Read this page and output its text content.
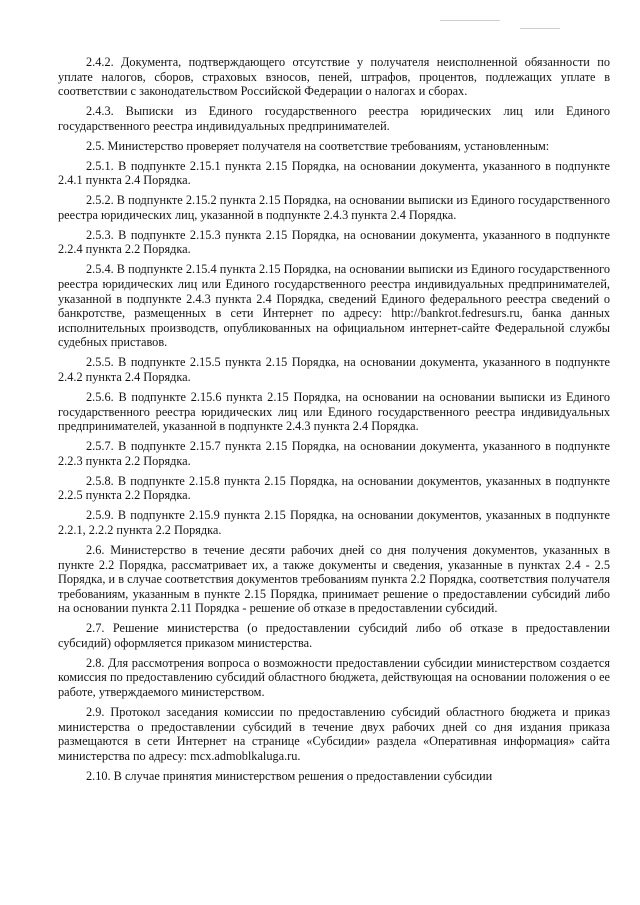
2.4.2. Документа, подтверждающего отсутствие у получателя неисполненной обязанности по уплате налогов, сборов, страховых взносов, пеней, штрафов, процентов, подлежащих уплате в соответствии с законодательством Российской Федерации о налогах и сборах.

2.4.3. Выписки из Единого государственного реестра юридических лиц или Единого государственного реестра индивидуальных предпринимателей.

2.5. Министерство проверяет получателя на соответствие требованиям, установленным:

2.5.1. В подпункте 2.15.1 пункта 2.15 Порядка, на основании документа, указанного в подпункте 2.4.1 пункта 2.4 Порядка.

2.5.2. В подпункте 2.15.2 пункта 2.15 Порядка, на основании выписки из Единого государственного реестра юридических лиц, указанной в подпункте 2.4.3 пункта 2.4 Порядка.

2.5.3. В подпункте 2.15.3 пункта 2.15 Порядка, на основании документа, указанного в подпункте 2.2.4 пункта 2.2 Порядка.

2.5.4. В подпункте 2.15.4 пункта 2.15 Порядка, на основании выписки из Единого государственного реестра юридических лиц или Единого государственного реестра индивидуальных предпринимателей, указанной в подпункте 2.4.3 пункта 2.4 Порядка, сведений Единого федерального реестра сведений о банкротстве, размещенных в сети Интернет по адресу: http://bankrot.fedresurs.ru, банка данных исполнительных производств, опубликованных на официальном интернет-сайте Федеральной службы судебных приставов.

2.5.5. В подпункте 2.15.5 пункта 2.15 Порядка, на основании документа, указанного в подпункте 2.4.2 пункта 2.4 Порядка.

2.5.6. В подпункте 2.15.6 пункта 2.15 Порядка, на основании на основании выписки из Единого государственного реестра юридических лиц или Единого государственного реестра индивидуальных предпринимателей, указанной в подпункте 2.4.3 пункта 2.4 Порядка.

2.5.7. В подпункте 2.15.7 пункта 2.15 Порядка, на основании документа, указанного в подпункте 2.2.3 пункта 2.2 Порядка.

2.5.8. В подпункте 2.15.8 пункта 2.15 Порядка, на основании документов, указанных в подпункте 2.2.5 пункта 2.2 Порядка.

2.5.9. В подпункте 2.15.9 пункта 2.15 Порядка, на основании документов, указанных в подпункте 2.2.1, 2.2.2 пункта 2.2 Порядка.

2.6. Министерство в течение десяти рабочих дней со дня получения документов, указанных в пункте 2.2 Порядка, рассматривает их, а также документы и сведения, указанные в пунктах 2.4 - 2.5 Порядка, и в случае соответствия документов требованиям пункта 2.2 Порядка, соответствия получателя требованиям, указанным в пункте 2.15 Порядка, принимает решение о предоставлении субсидий либо на основании пункта 2.11 Порядка - решение об отказе в предоставлении субсидий.

2.7. Решение министерства (о предоставлении субсидий либо об отказе в предоставлении субсидий) оформляется приказом министерства.

2.8. Для рассмотрения вопроса о возможности предоставлении субсидии министерством создается комиссия по предоставлению субсидий областного бюджета, действующая на основании положения о ее работе, утверждаемого министерством.

2.9. Протокол заседания комиссии по предоставлению субсидий областного бюджета и приказ министерства о предоставлении субсидий в течение двух рабочих дней со дня издания приказа размещаются в сети Интернет на странице «Субсидии» раздела «Оперативная информация» сайта министерства по адресу: mcx.admoblkaluga.ru.

2.10. В случае принятия министерством решения о предоставлении субсидии
